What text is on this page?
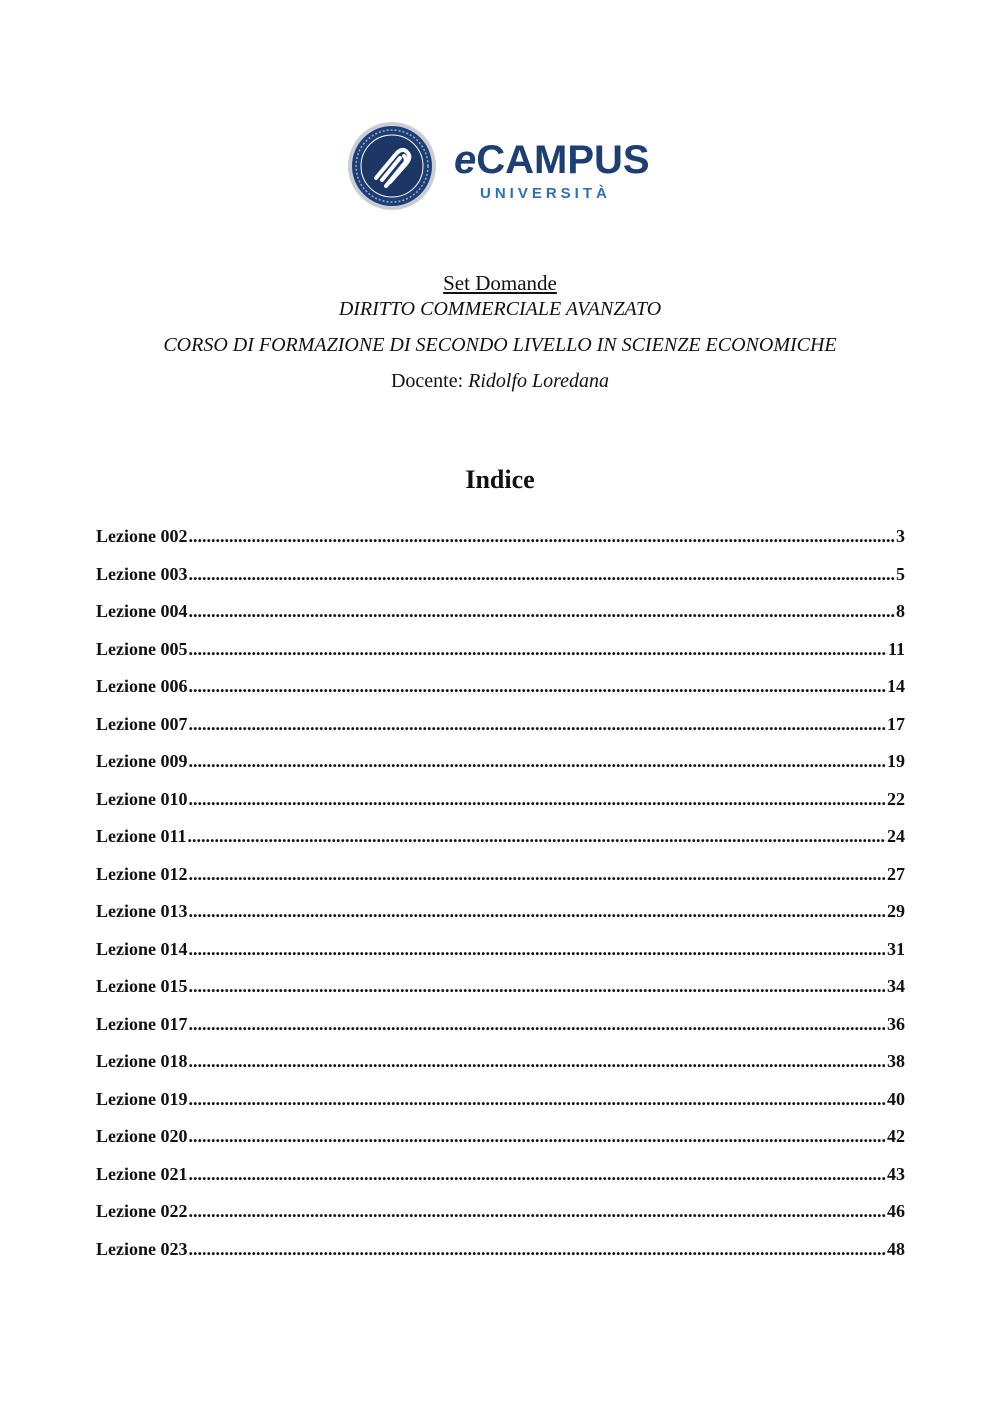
eCAMPUS
UNIVERSITÀ

Set Domande

DIRITTO COMMERCIALE AVANZATO

CORSO DI FORMAZIONE DI SECONDO LIVELLO IN SCIENZE ECONOMICHE

Docente: Ridolfo Loredana

Indice
Lezione 002 .....	3
Lezione 003 .....	5
Lezione 004 .....	8
Lezione 005 .....	11
Lezione 006 .....	14
Lezione 007 .....	17
Lezione 009 .....	19
Lezione 010 .....	22
Lezione 011 .....	24
Lezione 012 .....	27
Lezione 013 .....	29
Lezione 014 .....	31
Lezione 015 .....	34
Lezione 017 .....	36
Lezione 018 .....	38
Lezione 019 .....	40
Lezione 020 .....	42
Lezione 021 .....	43
Lezione 022 .....	46
Lezione 023 .....	48
